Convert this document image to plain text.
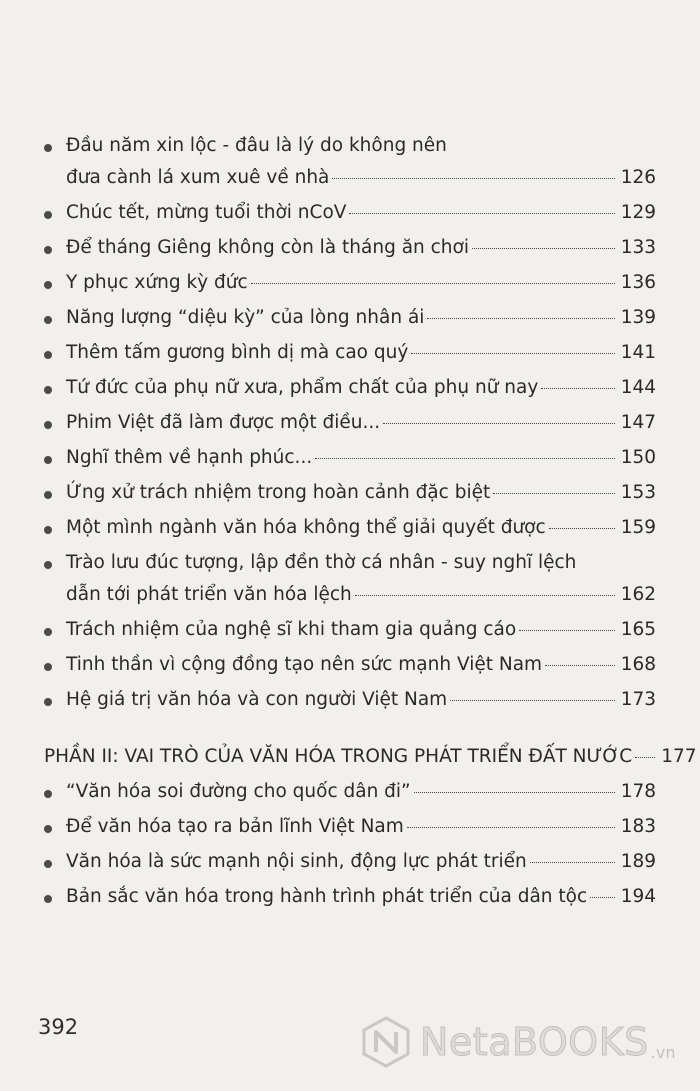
Đầu năm xin lộc - đâu là lý do không nên
đưa cành lá xum xuê về nhà	126
Chúc tết, mừng tuổi thời nCoV	129
Để tháng Giêng không còn là tháng ăn chơi	133
Y phục xứng kỳ đức	136
Năng lượng “diệu kỳ” của lòng nhân ái	139
Thêm tấm gương bình dị mà cao quý	141
Tứ đức của phụ nữ xưa, phẩm chất của phụ nữ nay	144
Phim Việt đã làm được một điều...	147
Nghĩ thêm về hạnh phúc...	150
Ứng xử trách nhiệm trong hoàn cảnh đặc biệt	153
Một mình ngành văn hóa không thể giải quyết được	159
Trào lưu đúc tượng, lập đền thờ cá nhân - suy nghĩ lệch
dẫn tới phát triển văn hóa lệch	162
Trách nhiệm của nghệ sĩ khi tham gia quảng cáo	165
Tinh thần vì cộng đồng tạo nên sức mạnh Việt Nam	168
Hệ giá trị văn hóa và con người Việt Nam	173
PHẦN II: VAI TRÒ CỦA VĂN HÓA TRONG PHÁT TRIỂN ĐẤT NƯỚC 177
“Văn hóa soi đường cho quốc dân đi”	178
Để văn hóa tạo ra bản lĩnh Việt Nam	183
Văn hóa là sức mạnh nội sinh, động lực phát triển	189
Bản sắc văn hóa trong hành trình phát triển của dân tộc 194
392	NetaBOOKS .vn
